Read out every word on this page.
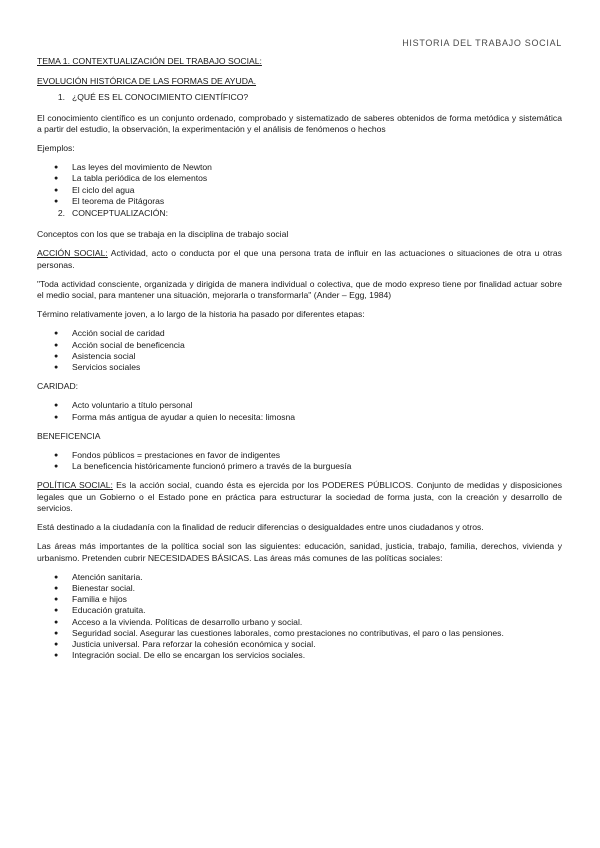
HISTORIA DEL TRABAJO SOCIAL
TEMA 1. CONTEXTUALIZACIÓN DEL TRABAJO SOCIAL:
EVOLUCIÓN HISTÓRICA DE LAS FORMAS DE AYUDA.
1. ¿QUÉ ES EL CONOCIMIENTO CIENTÍFICO?

El conocimiento científico es un conjunto ordenado, comprobado y sistematizado de saberes obtenidos de forma metódica y sistemática a partir del estudio, la observación, la experimentación y el análisis de fenómenos o hechos

Ejemplos:

●	Las leyes del movimiento de Newton
●	La tabla periódica de los elementos
●	El ciclo del agua
●	El teorema de Pitágoras
2. CONCEPTUALIZACIÓN:

Conceptos con los que se trabaja en la disciplina de trabajo social

ACCIÓN SOCIAL: Actividad, acto o conducta por el que una persona trata de influir en las actuaciones o situaciones de otra u otras personas.

"Toda actividad consciente, organizada y dirigida de manera individual o colectiva, que de modo expreso tiene por finalidad actuar sobre el medio social, para mantener una situación, mejorarla o transformarla" (Ander – Egg, 1984)

Término relativamente joven, a lo largo de la historia ha pasado por diferentes etapas:

●	Acción social de caridad
●	Acción social de beneficencia
●	Asistencia social
●	Servicios sociales

CARIDAD:

●	Acto voluntario a título personal
●	Forma más antigua de ayudar a quien lo necesita: limosna

BENEFICENCIA

●	Fondos públicos = prestaciones en favor de indigentes
●	La beneficencia históricamente funcionó primero a través de la burguesía

POLÍTICA SOCIAL: Es la acción social, cuando ésta es ejercida por los PODERES PÚBLICOS. Conjunto de medidas y disposiciones legales que un Gobierno o el Estado pone en práctica para estructurar la sociedad de forma justa, con la creación y desarrollo de servicios.

Está destinado a la ciudadanía con la finalidad de reducir diferencias o desigualdades entre unos ciudadanos y otros.

Las áreas más importantes de la política social son las siguientes: educación, sanidad, justicia, trabajo, familia, derechos, vivienda y urbanismo. Pretenden cubrir NECESIDADES BÁSICAS. Las áreas más comunes de las políticas sociales:

●	Atención sanitaria.
●	Bienestar social.
●	Familia e hijos
●	Educación gratuita.
●	Acceso a la vivienda. Políticas de desarrollo urbano y social.
●	Seguridad social. Asegurar las cuestiones laborales, como prestaciones no contributivas, el paro o las pensiones.
●	Justicia universal. Para reforzar la cohesión económica y social.
●	Integración social. De ello se encargan los servicios sociales.
